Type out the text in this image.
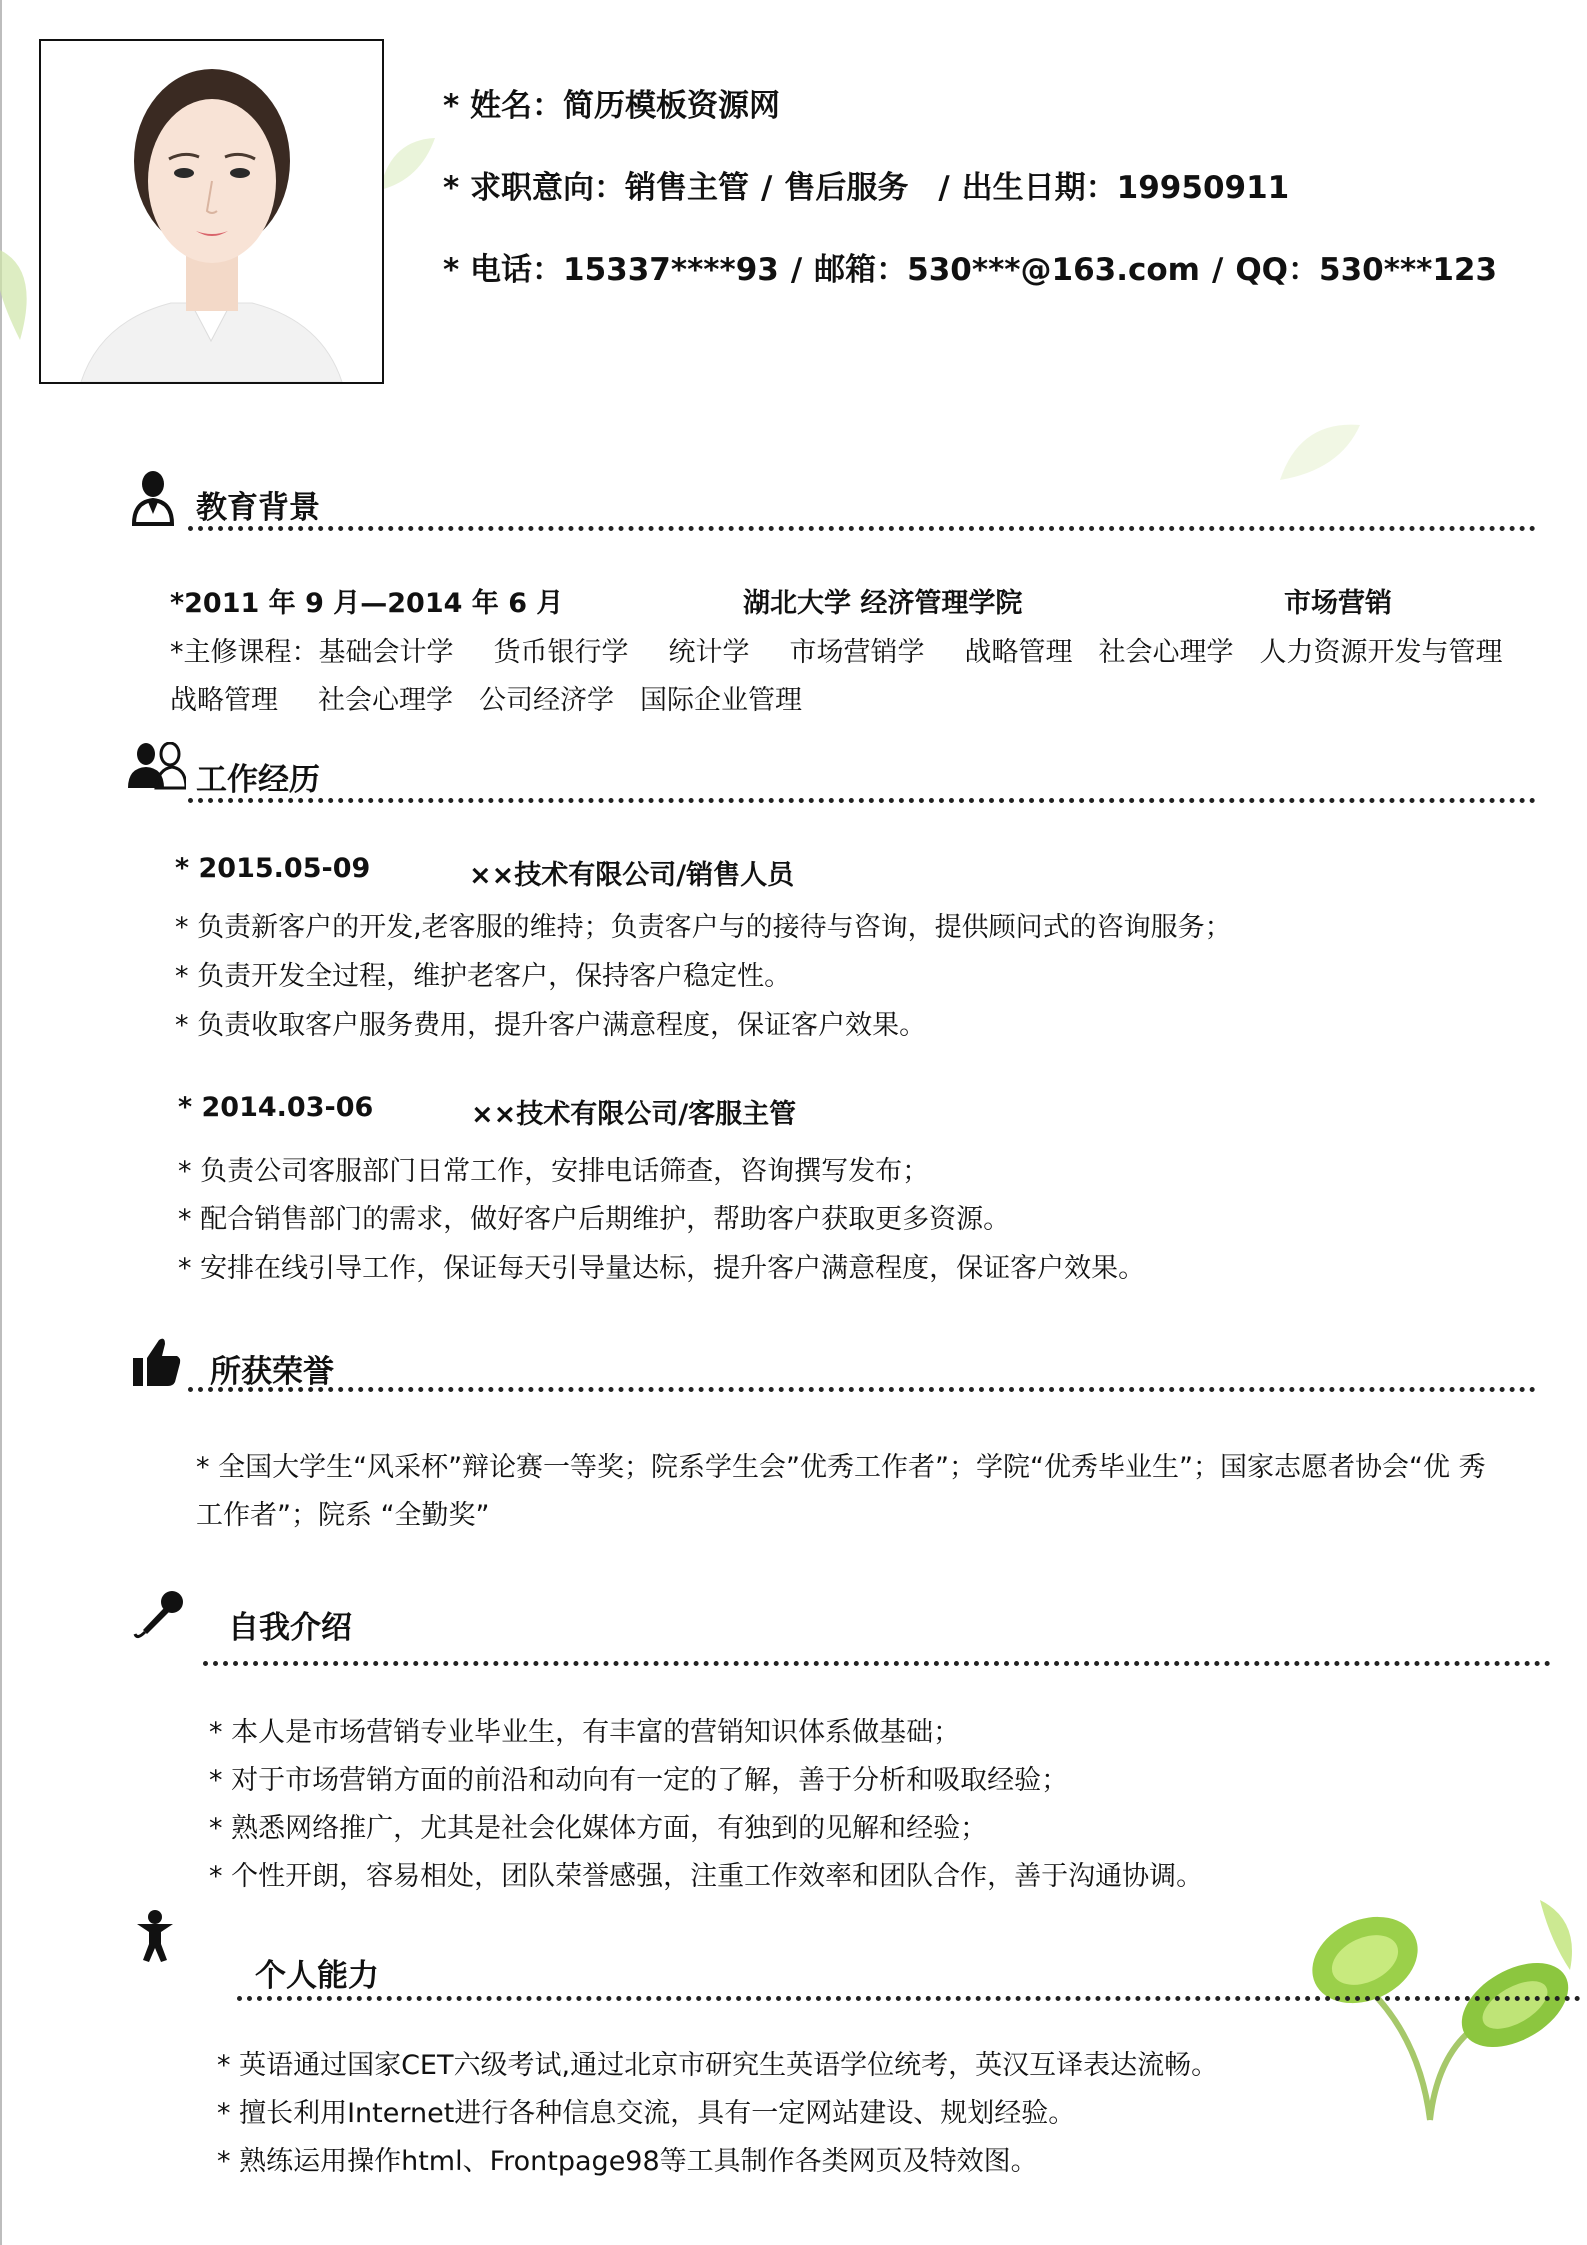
* 姓名：简历模板资源网
* 求职意向：销售主管 / 售后服务 / 出生日期：19950911
* 电话：15337****93 / 邮箱：530***@163.com / QQ：530***123
教育背景
*2011 年 9 月—2014 年 6 月	湖北大学 经济管理学院	市场营销
*主修课程：基础会计学 货币银行学 统计学 市场营销学 战略管理 社会心理学 人力资源开发与管理
战略管理 社会心理学 公司经济学 国际企业管理
工作经历
* 2015.05-09	××技术有限公司/销售人员
* 负责新客户的开发,老客服的维持；负责客户与的接待与咨询，提供顾问式的咨询服务；
* 负责开发全过程，维护老客户，保持客户稳定性。
* 负责收取客户服务费用，提升客户满意程度，保证客户效果。
* 2014.03-06	××技术有限公司/客服主管
* 负责公司客服部门日常工作，安排电话筛查，咨询撰写发布；
* 配合销售部门的需求，做好客户后期维护，帮助客户获取更多资源。
* 安排在线引导工作，保证每天引导量达标，提升客户满意程度，保证客户效果。
所获荣誉
* 全国大学生“风采杯”辩论赛一等奖；院系学生会”优秀工作者”；学院“优秀毕业生”；国家志愿者协会“优 秀
工作者”；院系 “全勤奖”
自我介绍
* 本人是市场营销专业毕业生，有丰富的营销知识体系做基础；
* 对于市场营销方面的前沿和动向有一定的了解，善于分析和吸取经验；
* 熟悉网络推广，尤其是社会化媒体方面，有独到的见解和经验；
* 个性开朗，容易相处，团队荣誉感强，注重工作效率和团队合作，善于沟通协调。
个人能力
* 英语通过国家CET六级考试,通过北京市研究生英语学位统考，英汉互译表达流畅。
* 擅长利用Internet进行各种信息交流，具有一定网站建设、规划经验。
* 熟练运用操作html、Frontpage98等工具制作各类网页及特效图。
